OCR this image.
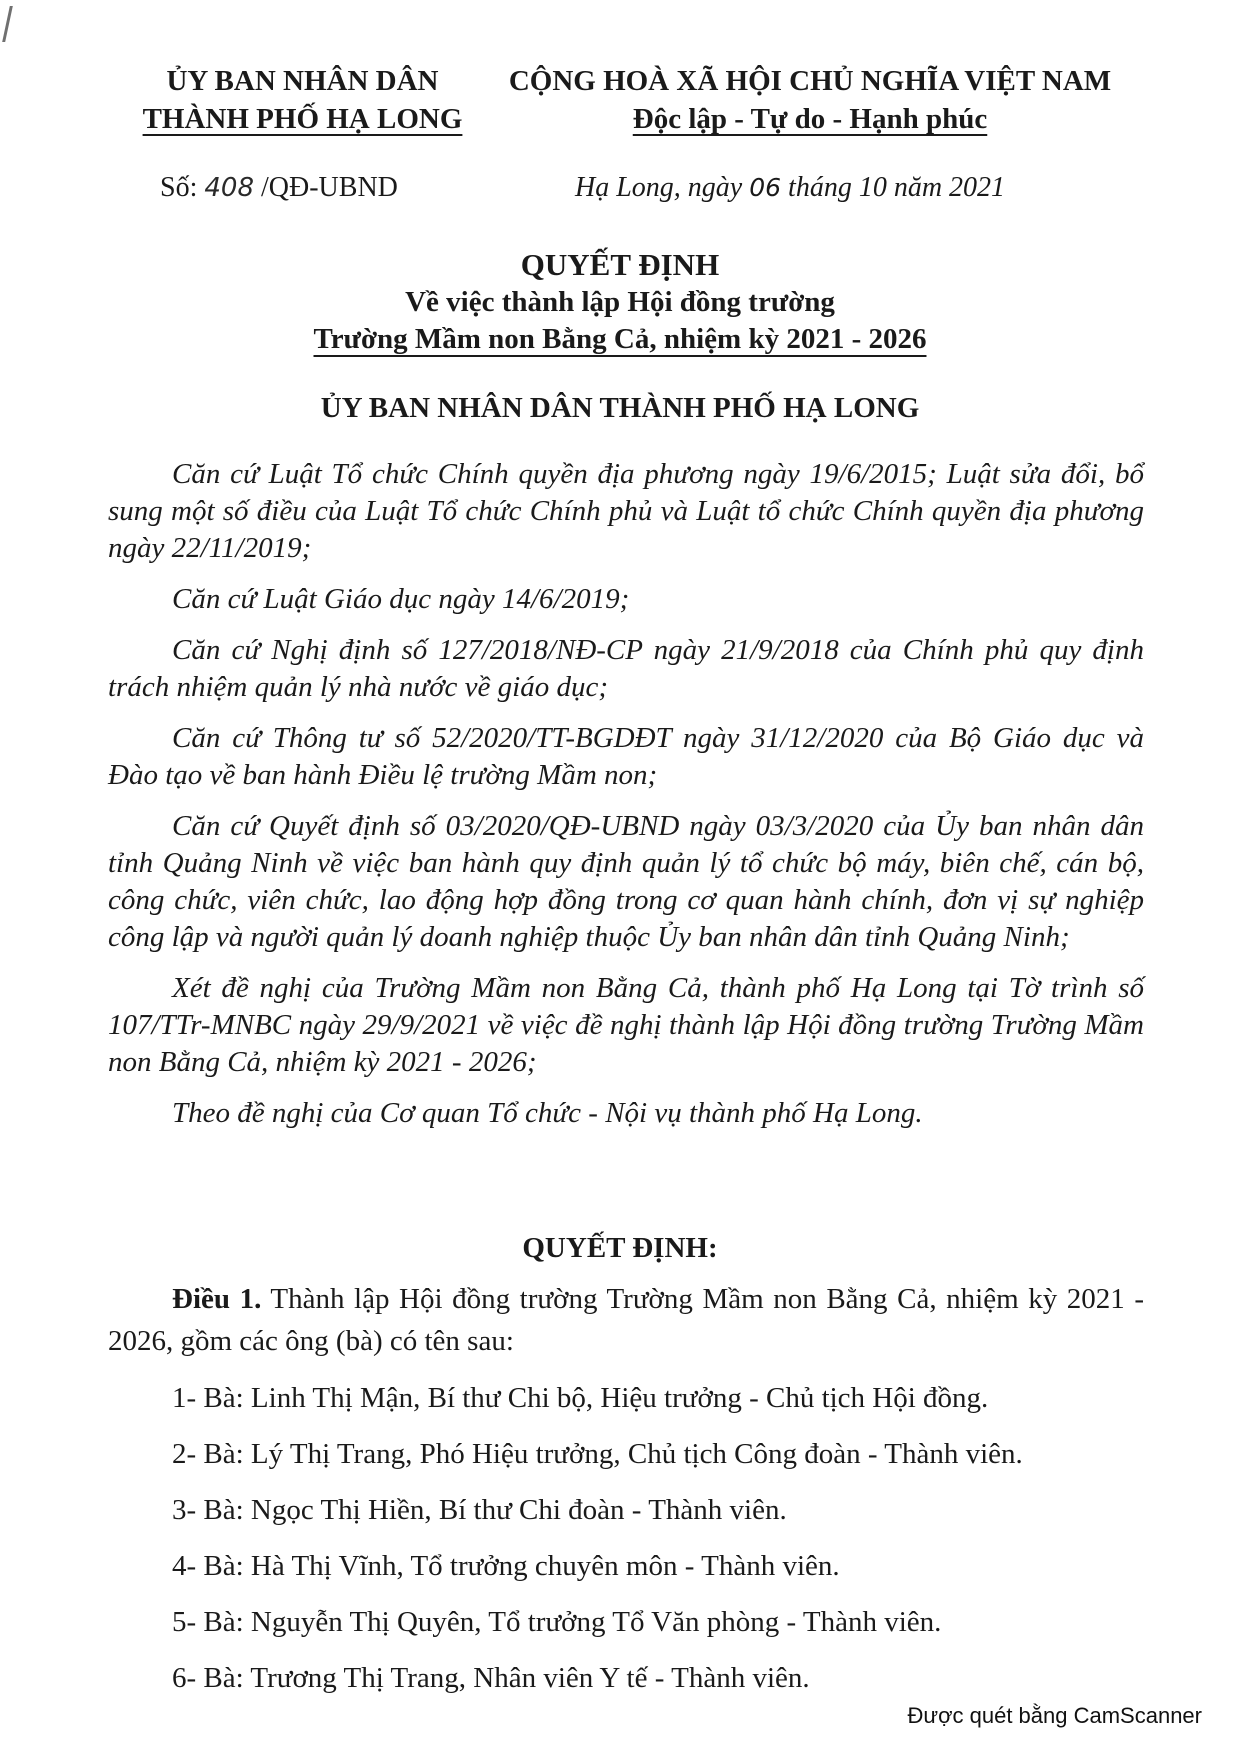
ỦY BAN NHÂN DÂN
THÀNH PHỐ HẠ LONG
CỘNG HOÀ XÃ HỘI CHỦ NGHĨA VIỆT NAM
Độc lập - Tự do - Hạnh phúc
Số: 408 /QĐ-UBND	Hạ Long, ngày 06 tháng 10 năm 2021
QUYẾT ĐỊNH
Về việc thành lập Hội đồng trường
Trường Mầm non Bằng Cả, nhiệm kỳ 2021 - 2026
ỦY BAN NHÂN DÂN THÀNH PHỐ HẠ LONG

Căn cứ Luật Tổ chức Chính quyền địa phương ngày 19/6/2015; Luật sửa đổi, bổ sung một số điều của Luật Tổ chức Chính phủ và Luật tổ chức Chính quyền địa phương ngày 22/11/2019;

Căn cứ Luật Giáo dục ngày 14/6/2019;

Căn cứ Nghị định số 127/2018/NĐ-CP ngày 21/9/2018 của Chính phủ quy định trách nhiệm quản lý nhà nước về giáo dục;

Căn cứ Thông tư số 52/2020/TT-BGDĐT ngày 31/12/2020 của Bộ Giáo dục và Đào tạo về ban hành Điều lệ trường Mầm non;

Căn cứ Quyết định số 03/2020/QĐ-UBND ngày 03/3/2020 của Ủy ban nhân dân tỉnh Quảng Ninh về việc ban hành quy định quản lý tổ chức bộ máy, biên chế, cán bộ, công chức, viên chức, lao động hợp đồng trong cơ quan hành chính, đơn vị sự nghiệp công lập và người quản lý doanh nghiệp thuộc Ủy ban nhân dân tỉnh Quảng Ninh;

Xét đề nghị của Trường Mầm non Bằng Cả, thành phố Hạ Long tại Tờ trình số 107/TTr-MNBC ngày 29/9/2021 về việc đề nghị thành lập Hội đồng trường Trường Mầm non Bằng Cả, nhiệm kỳ 2021 - 2026;

Theo đề nghị của Cơ quan Tổ chức - Nội vụ thành phố Hạ Long.

QUYẾT ĐỊNH:
Điều 1. Thành lập Hội đồng trường Trường Mầm non Bằng Cả, nhiệm kỳ 2021 - 2026, gồm các ông (bà) có tên sau:
1- Bà: Linh Thị Mận, Bí thư Chi bộ, Hiệu trưởng - Chủ tịch Hội đồng.
2- Bà: Lý Thị Trang, Phó Hiệu trưởng, Chủ tịch Công đoàn - Thành viên.
3- Bà: Ngọc Thị Hiền, Bí thư Chi đoàn - Thành viên.
4- Bà: Hà Thị Vĩnh, Tổ trưởng chuyên môn - Thành viên.
5- Bà: Nguyễn Thị Quyên, Tổ trưởng Tổ Văn phòng - Thành viên.
6- Bà: Trương Thị Trang, Nhân viên Y tế - Thành viên.
Được quét bằng CamScanner
